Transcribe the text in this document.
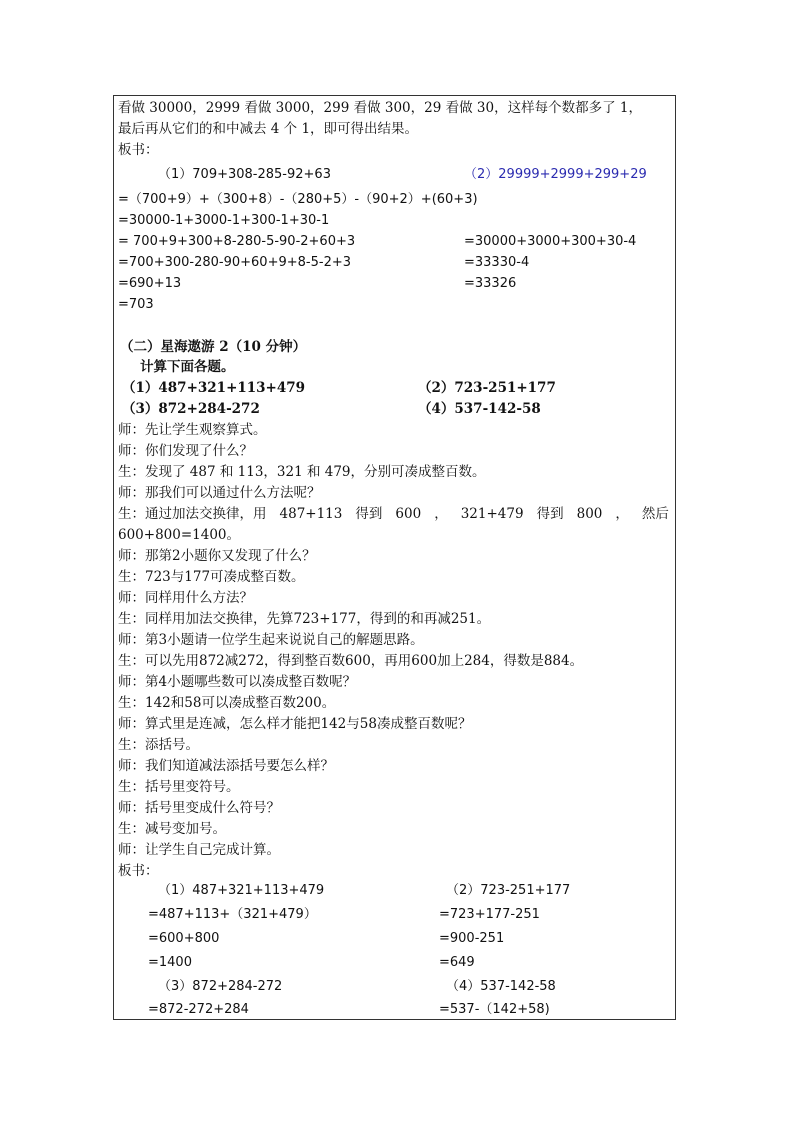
看做 30000，2999 看做 3000，299 看做 300，29 看做 30，这样每个数都多了 1，
最后再从它们的和中减去 4 个 1，即可得出结果。
板书：
（1）709+308-285-92+63	（2）29999+2999+299+29
=（700+9）+（300+8）-（280+5）-（90+2）+(60+3)
=30000-1+3000-1+300-1+30-1
= 700+9+300+8-280-5-90-2+60+3	=30000+3000+300+30-4
=700+300-280-90+60+9+8-5-2+3	=33330-4
=690+13	=33326
=703
（二）星海遨游 2（10 分钟）
计算下面各题。
（1）487+321+113+479	（2）723-251+177
（3）872+284-272	（4）537-142-58
师：先让学生观察算式。
师：你们发现了什么？
生：发现了 487 和 113，321 和 479，分别可凑成整百数。
师：那我们可以通过什么方法呢？
生：通过加法交换律，用 487+113 得到 600 ， 321+479 得到 800 ， 然后
600+800=1400。
师：那第2小题你又发现了什么？
生：723与177可凑成整百数。
师：同样用什么方法？
生：同样用加法交换律，先算723+177，得到的和再减251。
师：第3小题请一位学生起来说说自己的解题思路。
生：可以先用872减272，得到整百数600，再用600加上284，得数是884。
师：第4小题哪些数可以凑成整百数呢？
生：142和58可以凑成整百数200。
师：算式里是连减，怎么样才能把142与58凑成整百数呢？
生：添括号。
师：我们知道减法添括号要怎么样？
生：括号里变符号。
师：括号里变成什么符号？
生：减号变加号。
师：让学生自己完成计算。
板书：
（1）487+321+113+479	（2）723-251+177
=487+113+（321+479）	=723+177-251
=600+800	=900-251
=1400	=649
（3）872+284-272	（4）537-142-58
=872-272+284	=537-（142+58)
